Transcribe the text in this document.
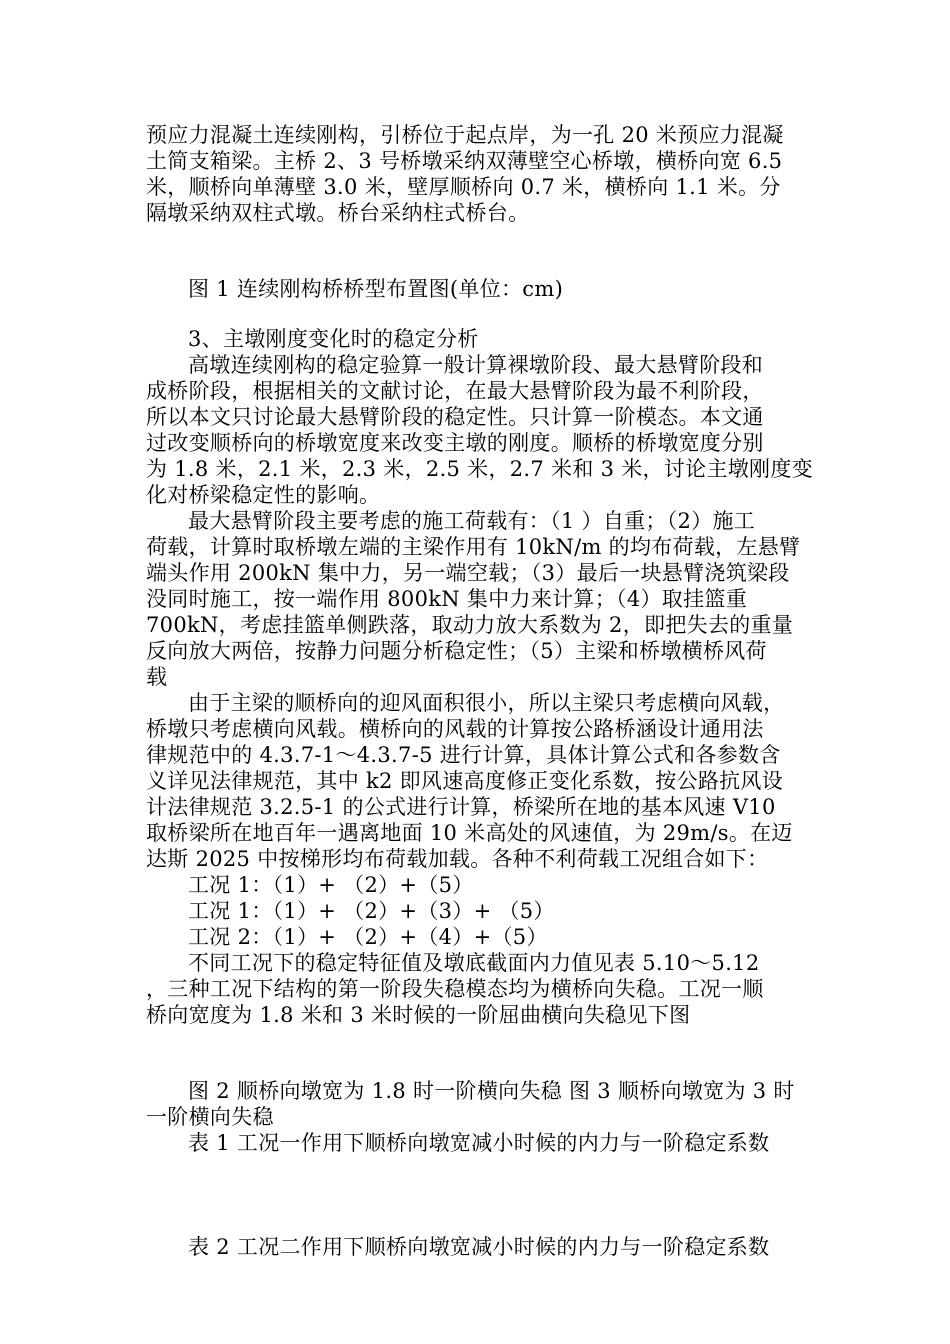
预应力混凝土连续刚构，引桥位于起点岸，为一孔 20 米预应力混凝
土简支箱梁。主桥 2、3 号桥墩采纳双薄壁空心桥墩，横桥向宽 6.5
米，顺桥向单薄壁 3.0 米，壁厚顺桥向 0.7 米，横桥向 1.1 米。分
隔墩采纳双柱式墩。桥台采纳柱式桥台。
图 1 连续刚构桥桥型布置图(单位：cm)
3、主墩刚度变化时的稳定分析
高墩连续刚构的稳定验算一般计算裸墩阶段、最大悬臂阶段和
成桥阶段，根据相关的文献讨论，在最大悬臂阶段为最不利阶段，
所以本文只讨论最大悬臂阶段的稳定性。只计算一阶模态。本文通
过改变顺桥向的桥墩宽度来改变主墩的刚度。顺桥的桥墩宽度分别
为 1.8 米，2.1 米，2.3 米，2.5 米，2.7 米和 3 米，讨论主墩刚度变
化对桥梁稳定性的影响。
最大悬臂阶段主要考虑的施工荷载有：（1 ）自重；（2）施工
荷载，计算时取桥墩左端的主梁作用有 10kN/m 的均布荷载，左悬臂
端头作用 200kN 集中力，另一端空载；（3）最后一块悬臂浇筑梁段
没同时施工，按一端作用 800kN 集中力来计算；（4）取挂篮重
700kN，考虑挂篮单侧跌落，取动力放大系数为 2，即把失去的重量
反向放大两倍，按静力问题分析稳定性；（5）主梁和桥墩横桥风荷
载
由于主梁的顺桥向的迎风面积很小，所以主梁只考虑横向风载，
桥墩只考虑横向风载。横桥向的风载的计算按公路桥涵设计通用法
律规范中的 4.3.7-1～4.3.7-5 进行计算，具体计算公式和各参数含
义详见法律规范，其中 k2 即风速高度修正变化系数，按公路抗风设
计法律规范 3.2.5-1 的公式进行计算，桥梁所在地的基本风速 V10
取桥梁所在地百年一遇离地面 10 米高处的风速值，为 29m/s。在迈
达斯 2025 中按梯形均布荷载加载。各种不利荷载工况组合如下：
工况 1：（1）+ （2）+（5）
工况 1：（1）+ （2）+（3）+ （5）
工况 2：（1）+ （2）+（4）+（5）
不同工况下的稳定特征值及墩底截面内力值见表 5.10～5.12
，三种工况下结构的第一阶段失稳模态均为横桥向失稳。工况一顺
桥向宽度为 1.8 米和 3 米时候的一阶屈曲横向失稳见下图
图 2 顺桥向墩宽为 1.8 时一阶横向失稳 图 3 顺桥向墩宽为 3 时
一阶横向失稳
表 1 工况一作用下顺桥向墩宽减小时候的内力与一阶稳定系数
表 2 工况二作用下顺桥向墩宽减小时候的内力与一阶稳定系数
